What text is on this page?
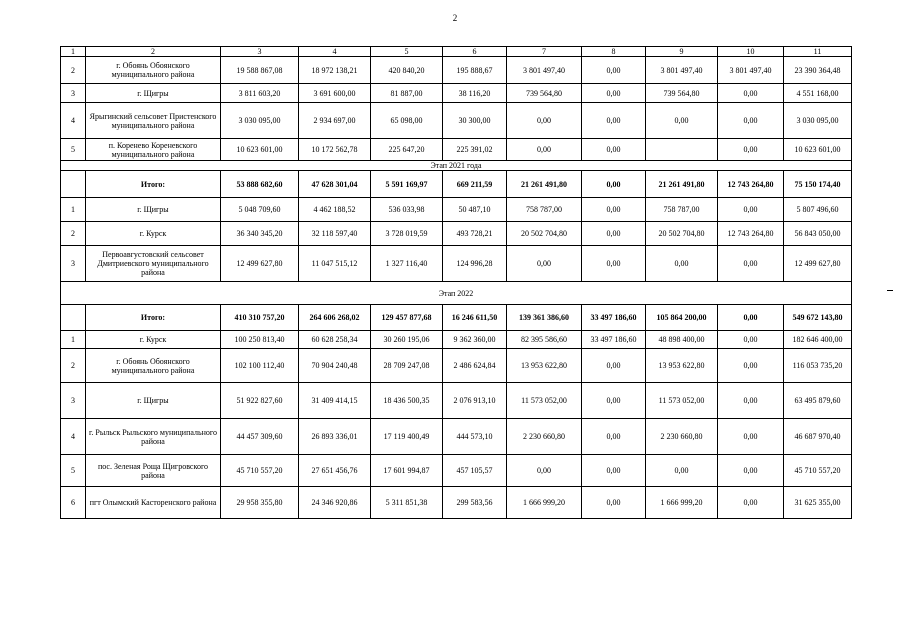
2
1	2	3	4	5	6	7	8	9	10	11
2	г. Обоянь Обоянского муниципального района	19 588 867,08	18 972 138,21	420 840,20	195 888,67	3 801 497,40	0,00	3 801 497,40	3 801 497,40	23 390 364,48
3	г. Щигры	3 811 603,20	3 691 600,00	81 887,00	38 116,20	739 564,80	0,00	739 564,80	0,00	4 551 168,00
4	Ярыгинский сельсовет Пристенского муниципального района	3 030 095,00	2 934 697,00	65 098,00	30 300,00	0,00	0,00	0,00	0,00	3 030 095,00
5	п. Коренево Кореневского муниципального района	10 623 601,00	10 172 562,78	225 647,20	225 391,02	0,00	0,00		0,00	10 623 601,00
Этап 2021 года										
	Итого:	53 888 682,60	47 628 301,04	5 591 169,97	669 211,59	21 261 491,80	0,00	21 261 491,80	12 743 264,80	75 150 174,40
1	г. Щигры	5 048 709,60	4 462 188,52	536 033,98	50 487,10	758 787,00	0,00	758 787,00	0,00	5 807 496,60
2	г. Курск	36 340 345,20	32 118 597,40	3 728 019,59	493 728,21	20 502 704,80	0,00	20 502 704,80	12 743 264,80	56 843 050,00
3	Первоавгустовский сельсовет Дмитриевского муниципального района	12 499 627,80	11 047 515,12	1 327 116,40	124 996,28	0,00	0,00	0,00	0,00	12 499 627,80
Этап 2022										
	Итого:	410 310 757,20	264 606 268,02	129 457 877,68	16 246 611,50	139 361 386,60	33 497 186,60	105 864 200,00	0,00	549 672 143,80
1	г. Курск	100 250 813,40	60 628 258,34	30 260 195,06	9 362 360,00	82 395 586,60	33 497 186,60	48 898 400,00	0,00	182 646 400,00
2	г. Обоянь Обоянского муниципального района	102 100 112,40	70 904 240,48	28 709 247,08	2 486 624,84	13 953 622,80	0,00	13 953 622,80	0,00	116 053 735,20
3	г. Щигры	51 922 827,60	31 409 414,15	18 436 500,35	2 076 913,10	11 573 052,00	0,00	11 573 052,00	0,00	63 495 879,60
4	г. Рыльск Рыльского муниципального района	44 457 309,60	26 893 336,01	17 119 400,49	444 573,10	2 230 660,80	0,00	2 230 660,80	0,00	46 687 970,40
5	пос. Зеленая Роща Щигровского района	45 710 557,20	27 651 456,76	17 601 994,87	457 105,57	0,00	0,00	0,00	0,00	45 710 557,20
6	пгт Олымский Касторенского района	29 958 355,80	24 346 920,86	5 311 851,38	299 583,56	1 666 999,20	0,00	1 666 999,20	0,00	31 625 355,00
